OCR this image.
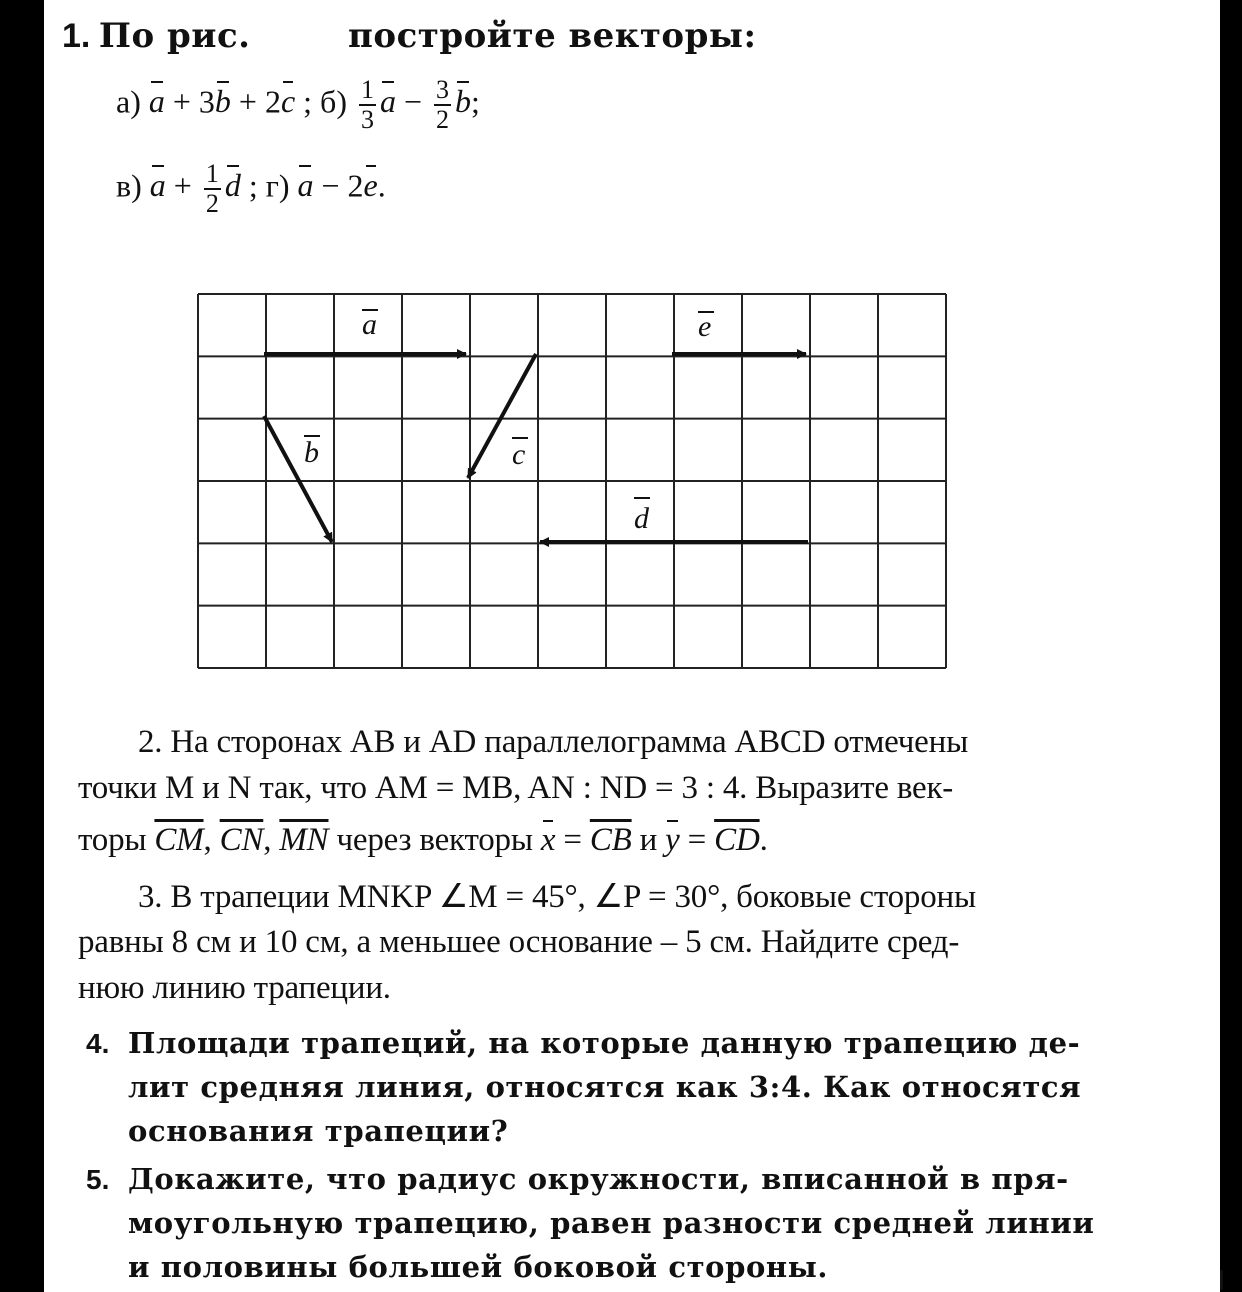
1. По рис.	постройте векторы:
а) a + 3b + 2c ; $б) \frac{1}{3}$ $a - \frac{3}{2} b$;
в) $a + \frac{1}{2}$ d ; г) a − 2e.
a	e
b	c
d
2. На сторонах AB и AD параллелограмма ABCD отмечены
точки M и N так, что AM = MB, AN : ND = 3 : 4. Выразите век-
торы $\overline{CM}$, $\overline{CN}$, $\overline{MN}$ через векторы $x = \overline{CB}$ и $y = \overline{CD}$.
3. В трапеции MNKP ∠M = 45°, ∠P = 30°, боковые стороны
равны 8 см и 10 см, а меньшее основание – 5 см. Найдите сред-
нюю линию трапеции.
4. Площади трапеций, на которые данную трапецию де-
лит средняя линия, относятся как 3:4. Как относятся
основания трапеции?
5. Докажите, что радиус окружности, вписанной в пря-
моугольную трапецию, равен разности средней линии
и половины большей боковой стороны.
